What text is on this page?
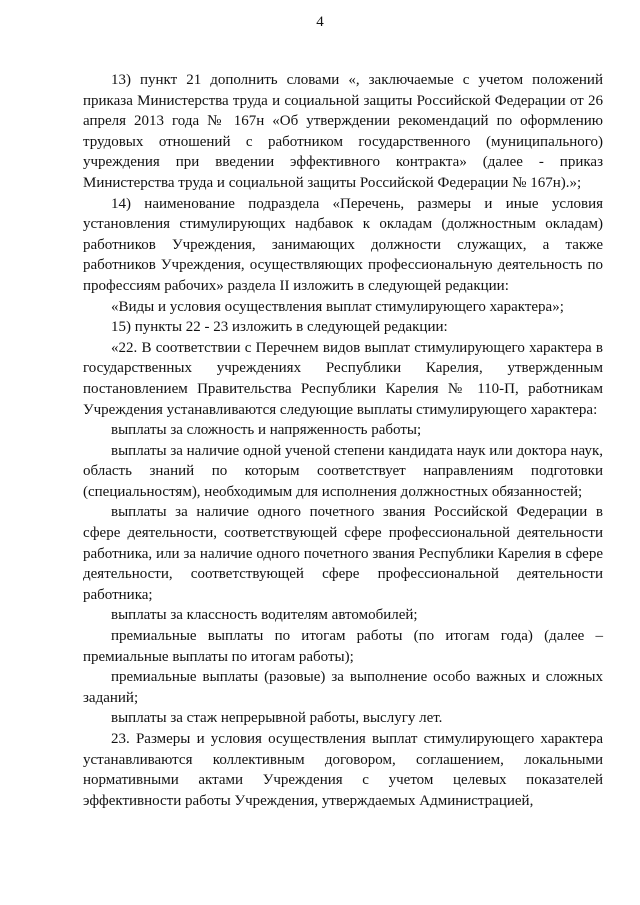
4

13) пункт 21 дополнить словами «, заключаемые с учетом положений приказа Министерства труда и социальной защиты Российской Федерации от 26 апреля 2013 года № 167н «Об утверждении рекомендаций по оформлению трудовых отношений с работником государственного (муниципального) учреждения при введении эффективного контракта» (далее - приказ Министерства труда и социальной защиты Российской Федерации № 167н).»;

14) наименование подраздела «Перечень, размеры и иные условия установления стимулирующих надбавок к окладам (должностным окладам) работников Учреждения, занимающих должности служащих, а также работников Учреждения, осуществляющих профессиональную деятельность по профессиям рабочих» раздела II изложить в следующей редакции:

«Виды и условия осуществления выплат стимулирующего характера»;

15) пункты 22 - 23 изложить в следующей редакции:

«22. В соответствии с Перечнем видов выплат стимулирующего характера в государственных учреждениях Республики Карелия, утвержденным постановлением Правительства Республики Карелия № 110-П, работникам Учреждения устанавливаются следующие выплаты стимулирующего характера:

выплаты за сложность и напряженность работы;

выплаты за наличие одной ученой степени кандидата наук или доктора наук, область знаний по которым соответствует направлениям подготовки (специальностям), необходимым для исполнения должностных обязанностей;

выплаты за наличие одного почетного звания Российской Федерации в сфере деятельности, соответствующей сфере профессиональной деятельности работника, или за наличие одного почетного звания Республики Карелия в сфере деятельности, соответствующей сфере профессиональной деятельности работника;

выплаты за классность водителям автомобилей;

премиальные выплаты по итогам работы (по итогам года) (далее – премиальные выплаты по итогам работы);

премиальные выплаты (разовые) за выполнение особо важных и сложных заданий;

выплаты за стаж непрерывной работы, выслугу лет.

23. Размеры и условия осуществления выплат стимулирующего характера устанавливаются коллективным договором, соглашением, локальными нормативными актами Учреждения с учетом целевых показателей эффективности работы Учреждения, утверждаемых Администрацией,
